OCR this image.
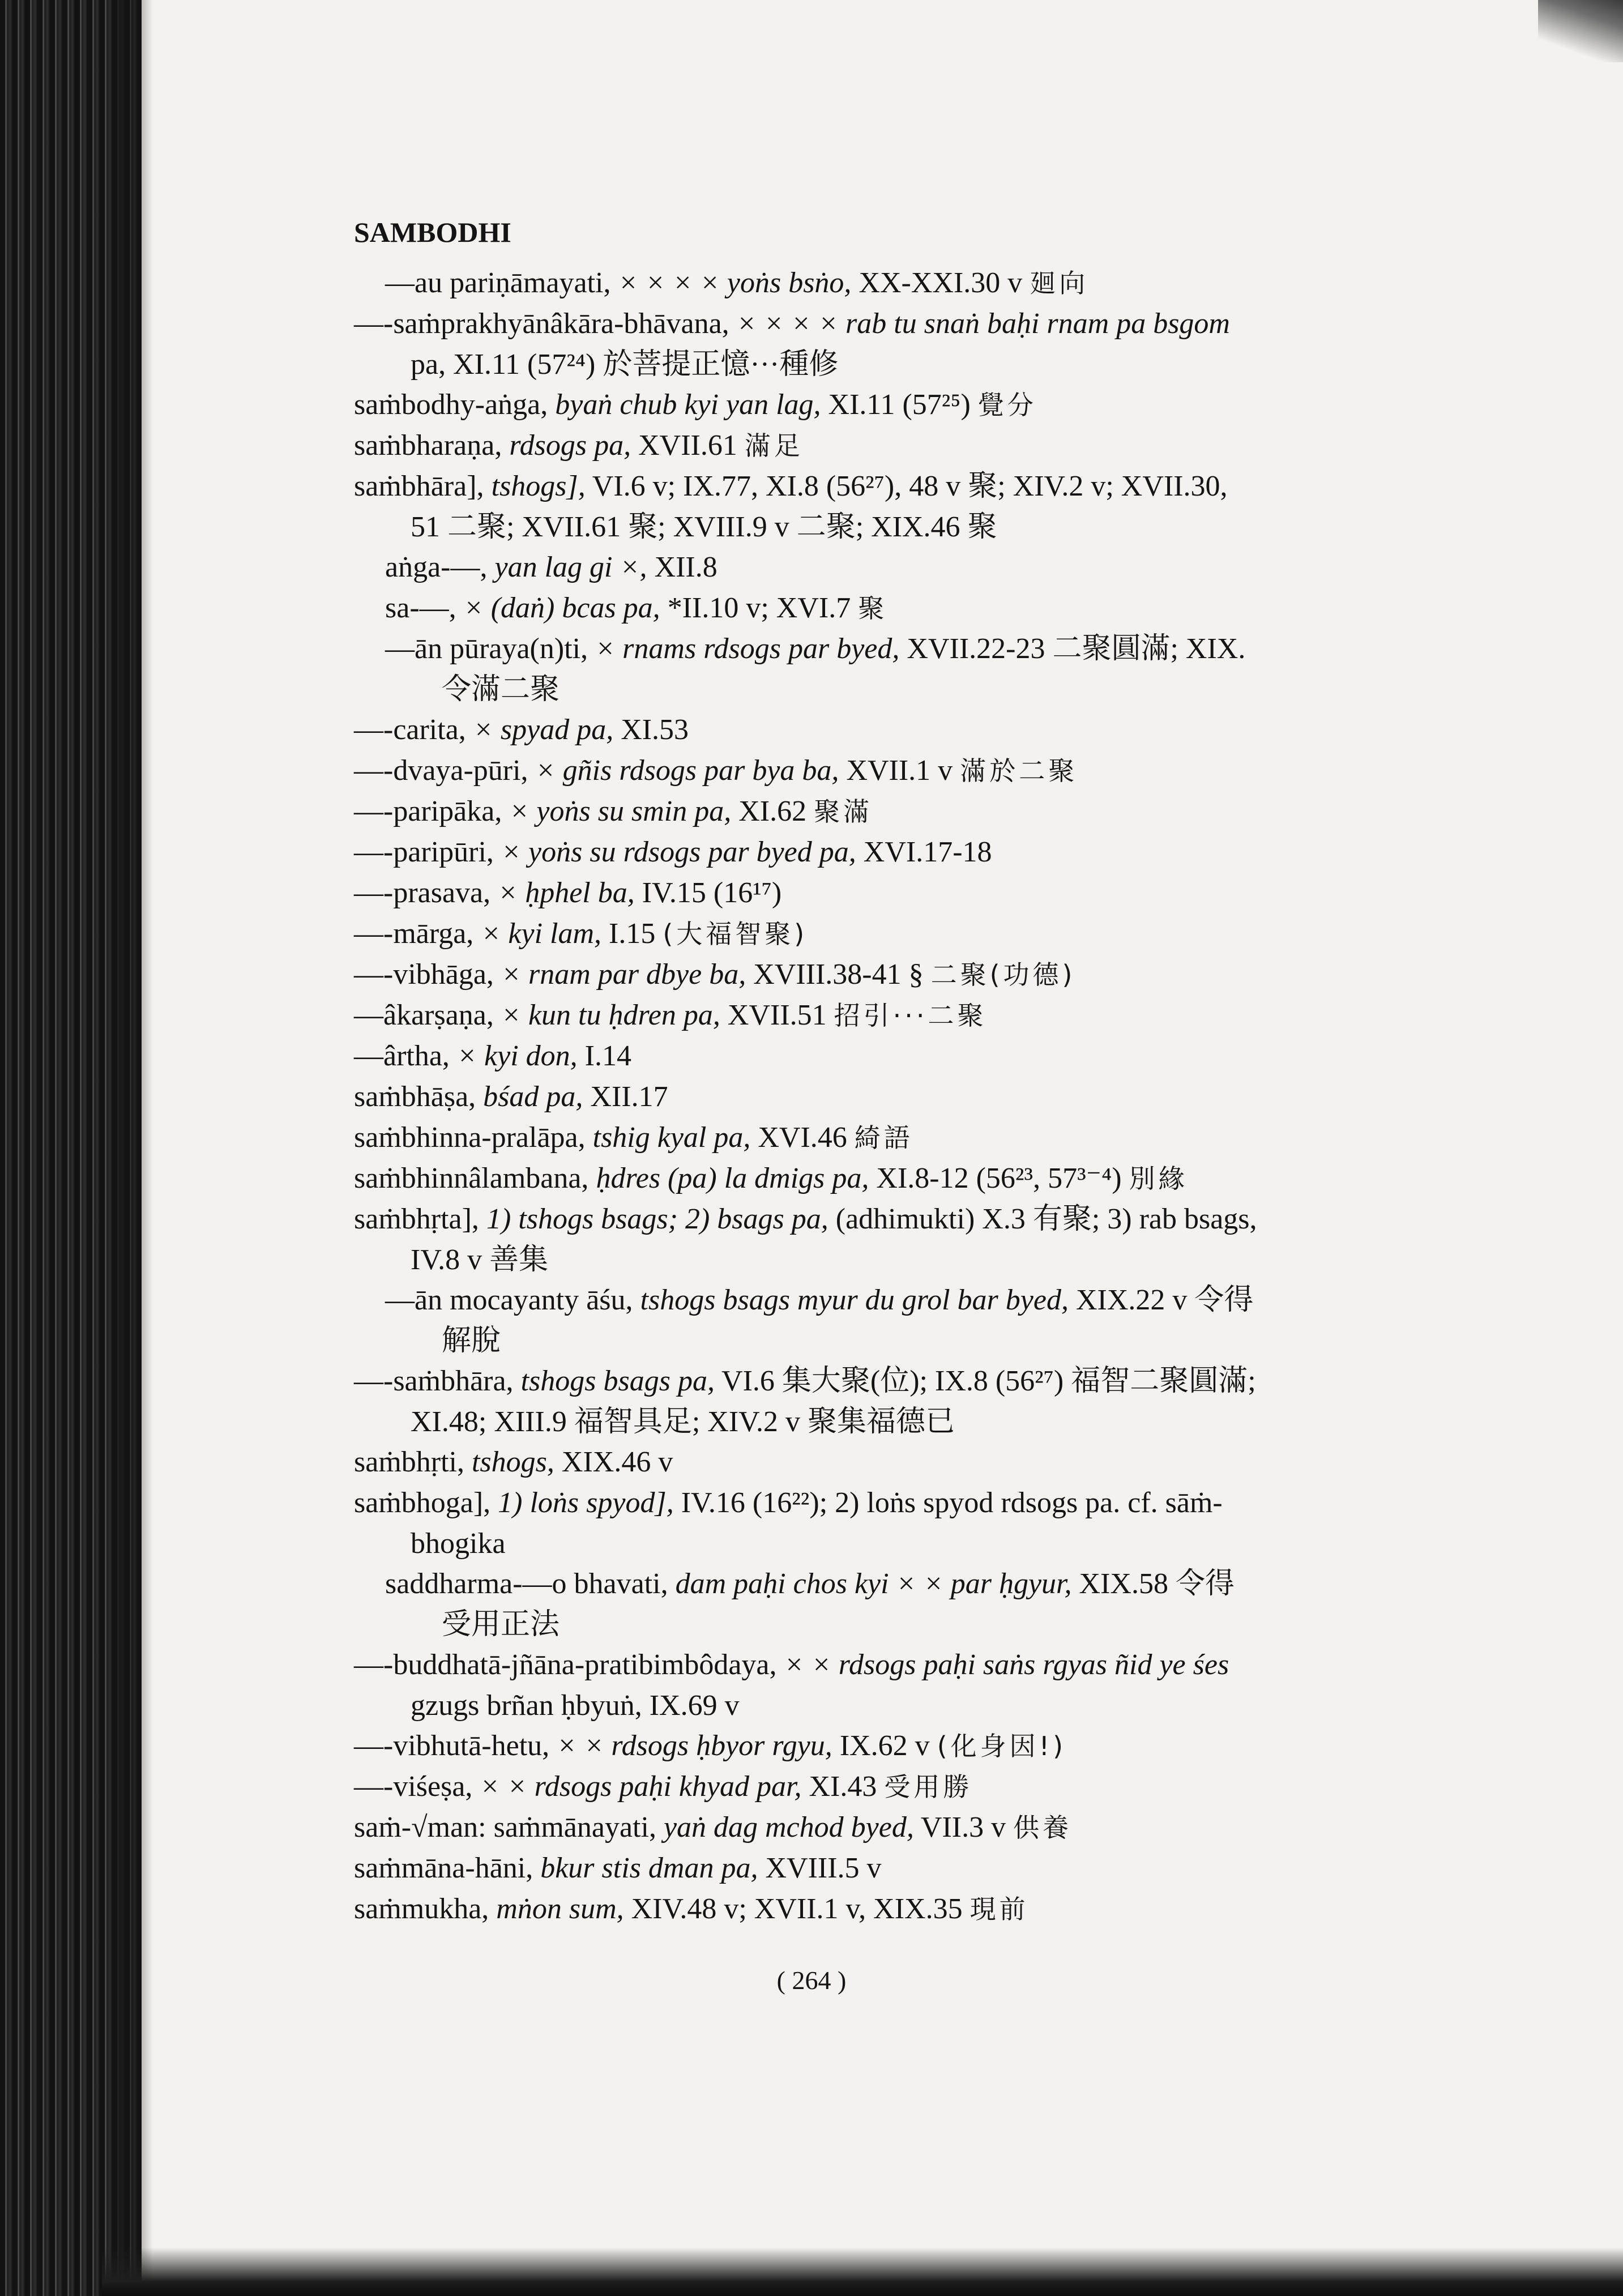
SAMBODHI
—au pariṇāmayati, × × × × yoṅs bsṅo, XX-XXI.30 v 廻向
—-saṁprakhyānâkāra-bhāvana, × × × × rab tu snaṅ baḥi rnam pa bsgom
pa, XI.11 (57²⁴) 於菩提正憶···種修
saṁbodhy-aṅga, byaṅ chub kyi yan lag, XI.11 (57²⁵) 覺分
saṁbharaṇa, rdsogs pa, XVII.61 滿足
saṁbhāra], tshogs], VI.6 v; IX.77, XI.8 (56²⁷), 48 v 聚; XIV.2 v; XVII.30,
51 二聚; XVII.61 聚; XVIII.9 v 二聚; XIX.46 聚
aṅga-—, yan lag gi ×, XII.8
sa-—, × (daṅ) bcas pa, *II.10 v; XVI.7 聚
—ān pūraya(n)ti, × rnams rdsogs par byed, XVII.22-23 二聚圓滿; XIX.
令滿二聚
—-carita, × spyad pa, XI.53
—-dvaya-pūri, × gñis rdsogs par bya ba, XVII.1 v 滿於二聚
—-paripāka, × yoṅs su smin pa, XI.62 聚滿
—-paripūri, × yoṅs su rdsogs par byed pa, XVI.17-18
—-prasava, × ḥphel ba, IV.15 (16¹⁷)
—-mārga, × kyi lam, I.15 (大福智聚)
—-vibhāga, × rnam par dbye ba, XVIII.38-41 § 二聚(功德)
—âkarṣaṇa, × kun tu ḥdren pa, XVII.51 招引···二聚
—ârtha, × kyi don, I.14
saṁbhāṣa, bśad pa, XII.17
saṁbhinna-pralāpa, tshig kyal pa, XVI.46 綺語
saṁbhinnâlambana, ḥdres (pa) la dmigs pa, XI.8-12 (56²³, 57³⁻⁴) 別緣
saṁbhṛta], 1) tshogs bsags; 2) bsags pa, (adhimukti) X.3 有聚; 3) rab bsags,
IV.8 v 善集
—ān mocayanty āśu, tshogs bsags myur du grol bar byed, XIX.22 v 令得
解脫
—-saṁbhāra, tshogs bsags pa, VI.6 集大聚(位); IX.8 (56²⁷) 福智二聚圓滿;
XI.48; XIII.9 福智具足; XIV.2 v 聚集福德已
saṁbhṛti, tshogs, XIX.46 v
saṁbhoga], 1) loṅs spyod], IV.16 (16²²); 2) loṅs spyod rdsogs pa. cf. sāṁ-
bhogika
saddharma-—o bhavati, dam paḥi chos kyi × × par ḥgyur, XIX.58 令得
受用正法
—-buddhatā-jñāna-pratibimbôdaya, × × rdsogs paḥi saṅs rgyas ñid ye śes
gzugs brñan ḥbyuṅ, IX.69 v
—-vibhutā-hetu, × × rdsogs ḥbyor rgyu, IX.62 v (化身因!)
—-viśeṣa, × × rdsogs paḥi khyad par, XI.43 受用勝
saṁ-√man: saṁmānayati, yaṅ dag mchod byed, VII.3 v 供養
saṁmāna-hāni, bkur stis dman pa, XVIII.5 v
saṁmukha, mṅon sum, XIV.48 v; XVII.1 v, XIX.35 現前
( 264 )
